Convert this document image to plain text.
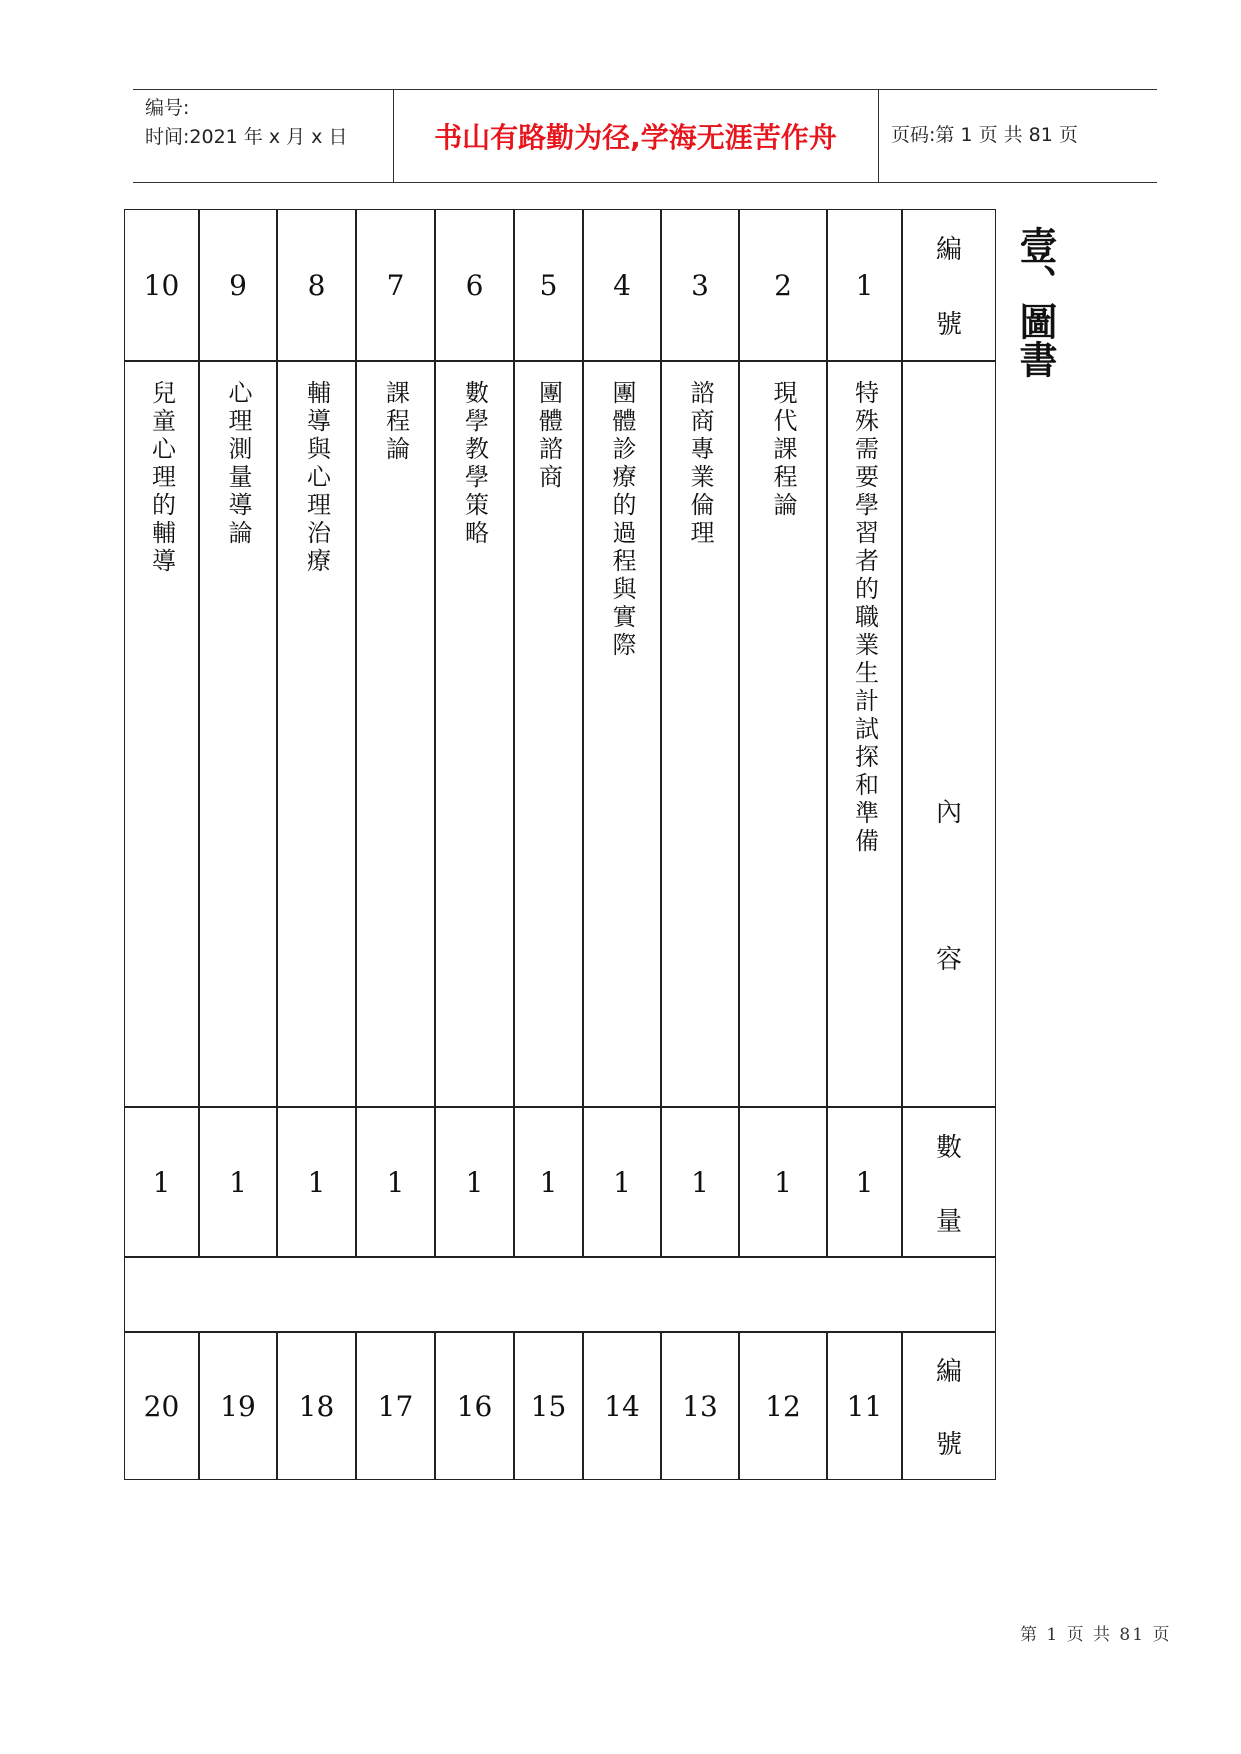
编号:
时间:2021 年 x 月 x 日	书山有路勤为径,学海无涯苦作舟	页码:第 1 页 共 81 页
壹、圖書
編
號
內
容
數
量
編
號
1
特殊需要學習者的職業生計試探和準備
1
11
2
現代課程論
1
12
3
諮商專業倫理
1
13
4
團體診療的過程與實際
1
14
5
團體諮商
1
15
6
數學教學策略
1
16
7
課程論
1
17
8
輔導與心理治療
1
18
9
心理測量導論
1
19
10
兒童心理的輔導
1
20
第 1 页 共 81 页
